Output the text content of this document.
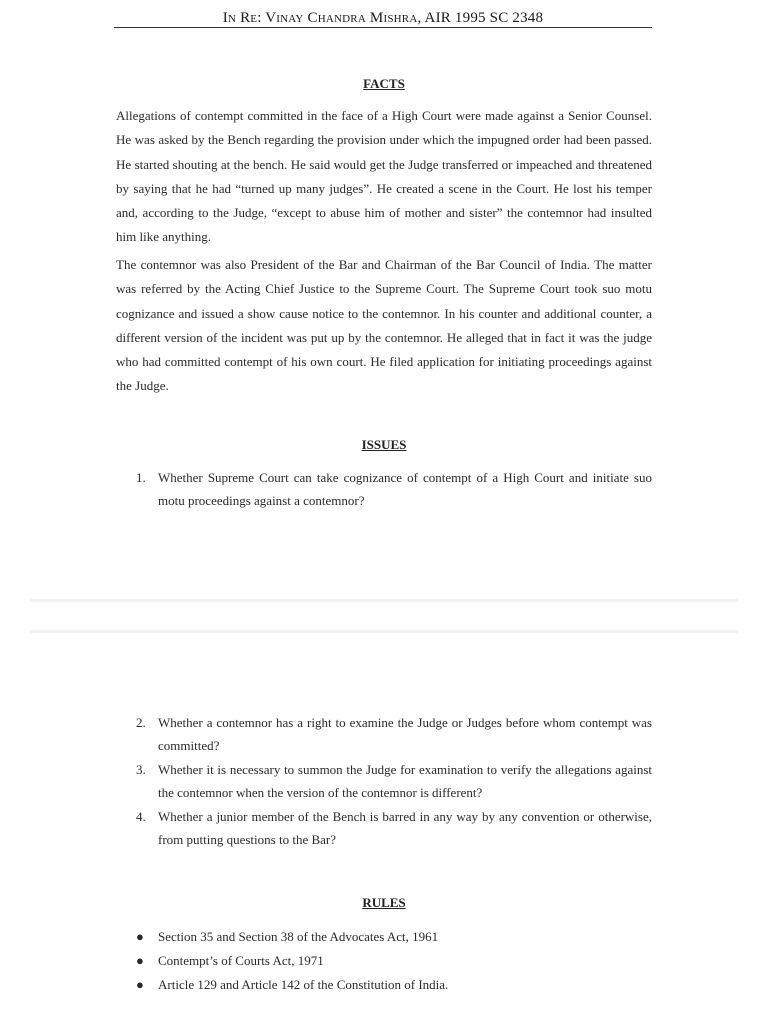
In Re: Vinay Chandra Mishra, AIR 1995 SC 2348
FACTS
Allegations of contempt committed in the face of a High Court were made against a Senior Counsel. He was asked by the Bench regarding the provision under which the impugned order had been passed. He started shouting at the bench. He said would get the Judge transferred or impeached and threatened by saying that he had “turned up many judges”. He created a scene in the Court. He lost his temper and, according to the Judge, “except to abuse him of mother and sister” the contemnor had insulted him like anything.
The contemnor was also President of the Bar and Chairman of the Bar Council of India. The matter was referred by the Acting Chief Justice to the Supreme Court. The Supreme Court took suo motu cognizance and issued a show cause notice to the contemnor. In his counter and additional counter, a different version of the incident was put up by the contemnor. He alleged that in fact it was the judge who had committed contempt of his own court. He filed application for initiating proceedings against the Judge.
ISSUES
1. Whether Supreme Court can take cognizance of contempt of a High Court and initiate suo motu proceedings against a contemnor?
2. Whether a contemnor has a right to examine the Judge or Judges before whom contempt was committed?
3. Whether it is necessary to summon the Judge for examination to verify the allegations against the contemnor when the version of the contemnor is different?
4. Whether a junior member of the Bench is barred in any way by any convention or otherwise, from putting questions to the Bar?
RULES
● Section 35 and Section 38 of the Advocates Act, 1961
● Contempt’s of Courts Act, 1971
● Article 129 and Article 142 of the Constitution of India.
